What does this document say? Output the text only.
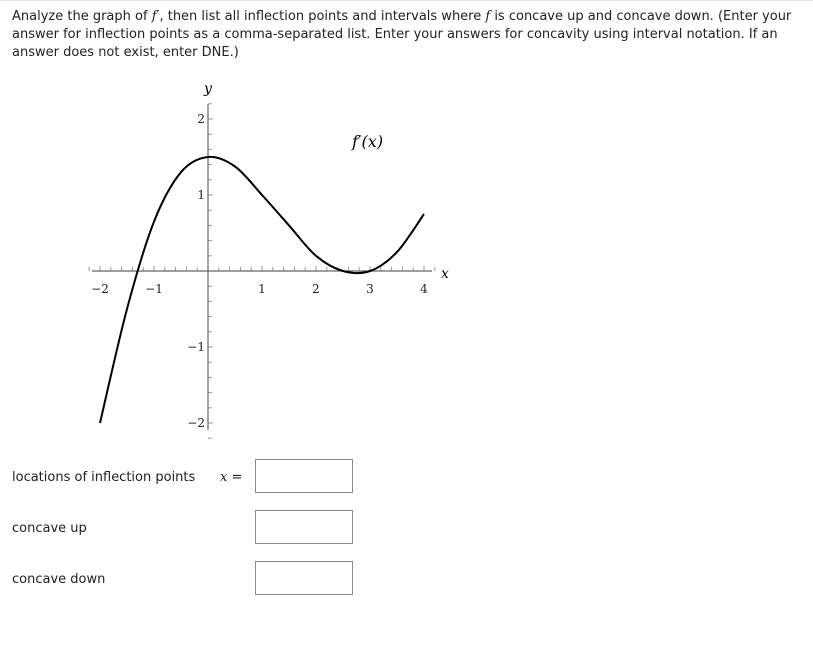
Analyze the graph of f′, then list all inflection points and intervals where f is concave up and concave down. (Enter your answer for inflection points as a comma-separated list. Enter your answers for concavity using interval notation. If an answer does not exist, enter DNE.)
−2	−1	1	2	3	4
2
1
−1
−2
y
x
f′(x)
locations of inflection points x =
concave up
concave down
